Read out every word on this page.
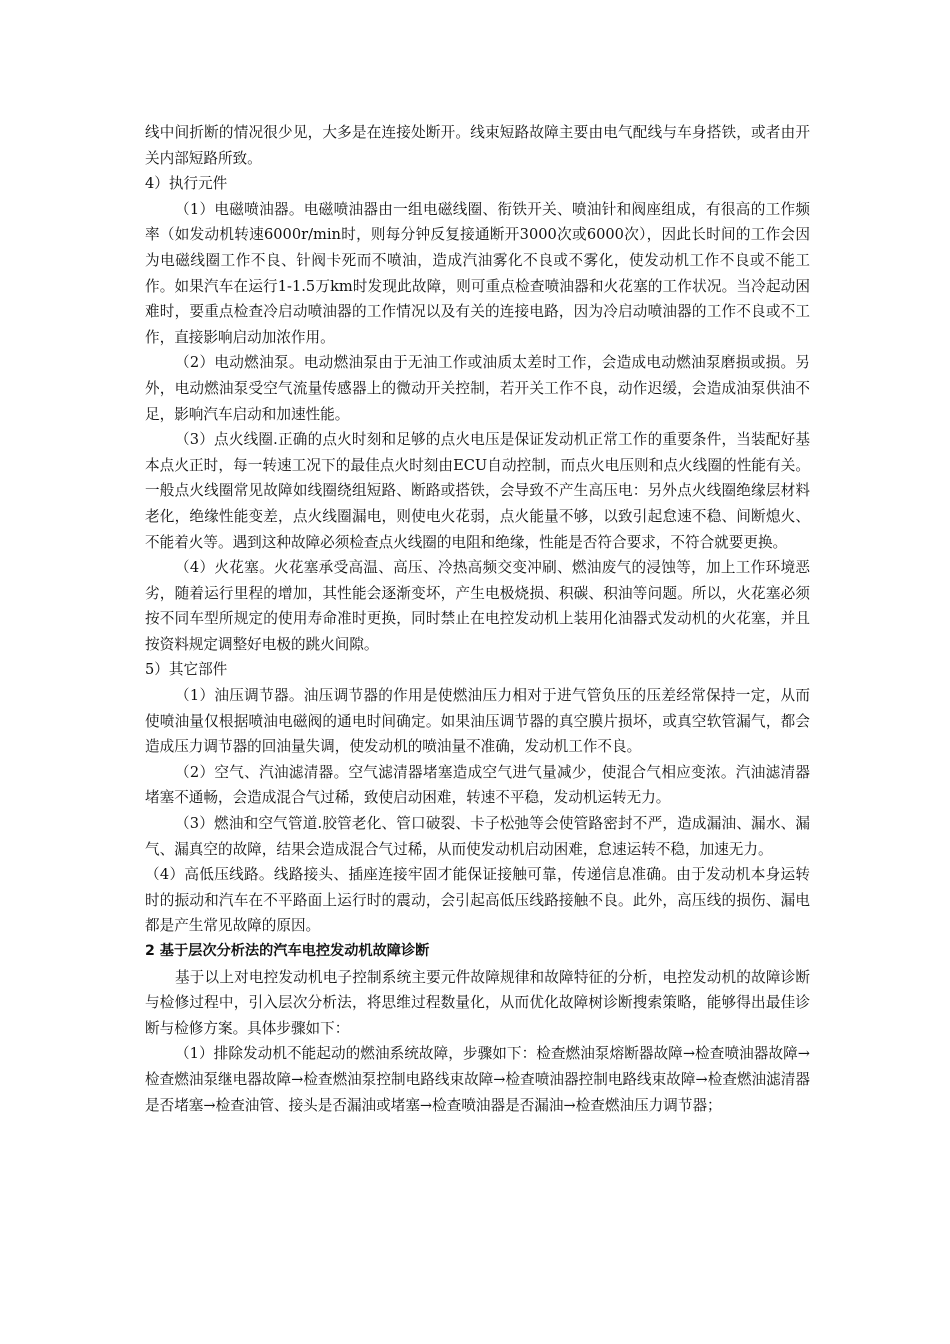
线中间折断的情况很少见，大多是在连接处断开。线束短路故障主要由电气配线与车身搭铁，或者由开关内部短路所致。

4）执行元件

（1）电磁喷油器。电磁喷油器由一组电磁线圈、衔铁开关、喷油针和阀座组成，有很高的工作频率（如发动机转速6000r/min时，则每分钟反复接通断开3000次或6000次），因此长时间的工作会因为电磁线圈工作不良、针阀卡死而不喷油，造成汽油雾化不良或不雾化，使发动机工作不良或不能工作。如果汽车在运行1-1.5万km时发现此故障，则可重点检查喷油器和火花塞的工作状况。当冷起动困难时，要重点检查冷启动喷油器的工作情况以及有关的连接电路，因为冷启动喷油器的工作不良或不工作，直接影响启动加浓作用。

（2）电动燃油泵。电动燃油泵由于无油工作或油质太差时工作，会造成电动燃油泵磨损或损。另外，电动燃油泵受空气流量传感器上的微动开关控制，若开关工作不良，动作迟缓，会造成油泵供油不足，影响汽车启动和加速性能。

（3）点火线圈.正确的点火时刻和足够的点火电压是保证发动机正常工作的重要条件，当装配好基本点火正时，每一转速工况下的最佳点火时刻由ECU自动控制，而点火电压则和点火线圈的性能有关。一般点火线圈常见故障如线圈绕组短路、断路或搭铁，会导致不产生高压电：另外点火线圈绝缘层材料老化，绝缘性能变差，点火线圈漏电，则使电火花弱，点火能量不够，以致引起怠速不稳、间断熄火、不能着火等。遇到这种故障必须检查点火线圈的电阻和绝缘，性能是否符合要求，不符合就要更换。

（4）火花塞。火花塞承受高温、高压、冷热高频交变冲刷、燃油废气的浸蚀等，加上工作环境恶劣，随着运行里程的增加，其性能会逐渐变坏，产生电极烧损、积碳、积油等问题。所以，火花塞必须按不同车型所规定的使用寿命准时更换，同时禁止在电控发动机上装用化油器式发动机的火花塞，并且按资料规定调整好电极的跳火间隙。

5）其它部件

（1）油压调节器。油压调节器的作用是使燃油压力相对于进气管负压的压差经常保持一定，从而使喷油量仅根据喷油电磁阀的通电时间确定。如果油压调节器的真空膜片损坏，或真空软管漏气，都会造成压力调节器的回油量失调，使发动机的喷油量不准确，发动机工作不良。

（2）空气、汽油滤清器。空气滤清器堵塞造成空气进气量减少，使混合气相应变浓。汽油滤清器堵塞不通畅，会造成混合气过稀，致使启动困难，转速不平稳，发动机运转无力。

（3）燃油和空气管道.胶管老化、管口破裂、卡子松弛等会使管路密封不严，造成漏油、漏水、漏气、漏真空的故障，结果会造成混合气过稀，从而使发动机启动困难，怠速运转不稳，加速无力。

（4）高低压线路。线路接头、插座连接牢固才能保证接触可靠，传递信息准确。由于发动机本身运转时的振动和汽车在不平路面上运行时的震动，会引起高低压线路接触不良。此外，高压线的损伤、漏电都是产生常见故障的原因。

2 基于层次分析法的汽车电控发动机故障诊断

基于以上对电控发动机电子控制系统主要元件故障规律和故障特征的分析，电控发动机的故障诊断与检修过程中，引入层次分析法，将思维过程数量化，从而优化故障树诊断搜索策略，能够得出最佳诊断与检修方案。具体步骤如下：

（1）排除发动机不能起动的燃油系统故障，步骤如下：检查燃油泵熔断器故障→检查喷油器故障→检查燃油泵继电器故障→检查燃油泵控制电路线束故障→检查喷油器控制电路线束故障→检查燃油滤清器是否堵塞→检查油管、接头是否漏油或堵塞→检查喷油器是否漏油→检查燃油压力调节器；
